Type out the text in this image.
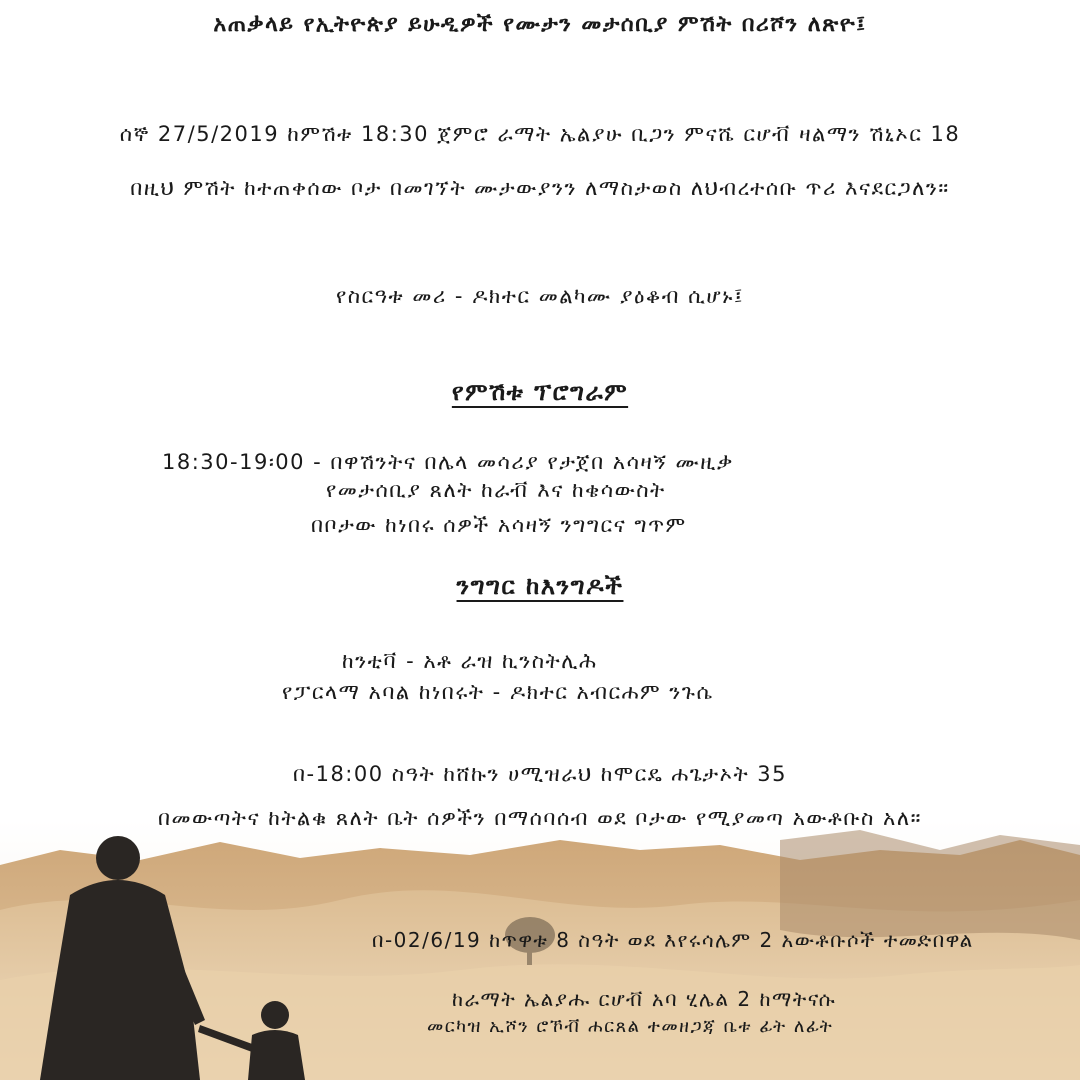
አጠቃላይ የኢትዮጵያ ይሁዲዎች የሙታን መታሰቢያ ምሽት በሪሾን ለጽዮ፤

ሰኞ 27/5/2019 ከምሽቱ 18:30 ጀምሮ ራማት ኤልያሁ ቢጋን ምናሼ ርሆቭ ዛልማን ሽኒኦር 18

በዚህ ምሽት ከተጠቀሰው ቦታ በመገኘት ሙታውያንን ለማስታወስ ለህብረተሰቡ ጥሪ እናደርጋለን።

የስርዓቱ መሪ - ዶክተር መልካሙ ያዕቆብ ሲሆኑ፤

የምሽቱ ፕሮግራም

18:30-19፡00 - በዋሽንትና በሌላ መሳሪያ የታጀበ አሳዛኝ ሙዚቃ

የመታሰቢያ ጸለት ከራቭ እና ከቄሳውስት

በቦታው ከነበሩ ሰዎች አሳዛኝ ንግግርና ግጥም

ንግግር ከእንግዶች

ከንቲቫ - አቶ ራዝ ኪንስትሊሕ

የፓርላማ አባል ከነበሩት - ዶክተር አብርሐም ንጉሴ

በ-18:00 ስዓት ከሸኩን ሀሚዝራህ ከሞርዴ ሐጌታኦት 35

በመውጣትና ከትልቁ ጸለት ቤት ሰዎችን በማሰባሰብ ወደ ቦታው የሚያመጣ አውቶቡስ አለ።

በ-02/6/19 ከጥዋቱ 8 ስዓት ወደ እየሩሳሌም 2 አውቶቡሶች ተመድበዋል

ከራማት ኤልያሑ ርሆቭ አባ ሂሌል 2 ከማትናሱ

መርካዝ ኢሾን ሮኾቭ ሐርጸል ተመዘጋጃ ቤቱ ፊት ለፊት
